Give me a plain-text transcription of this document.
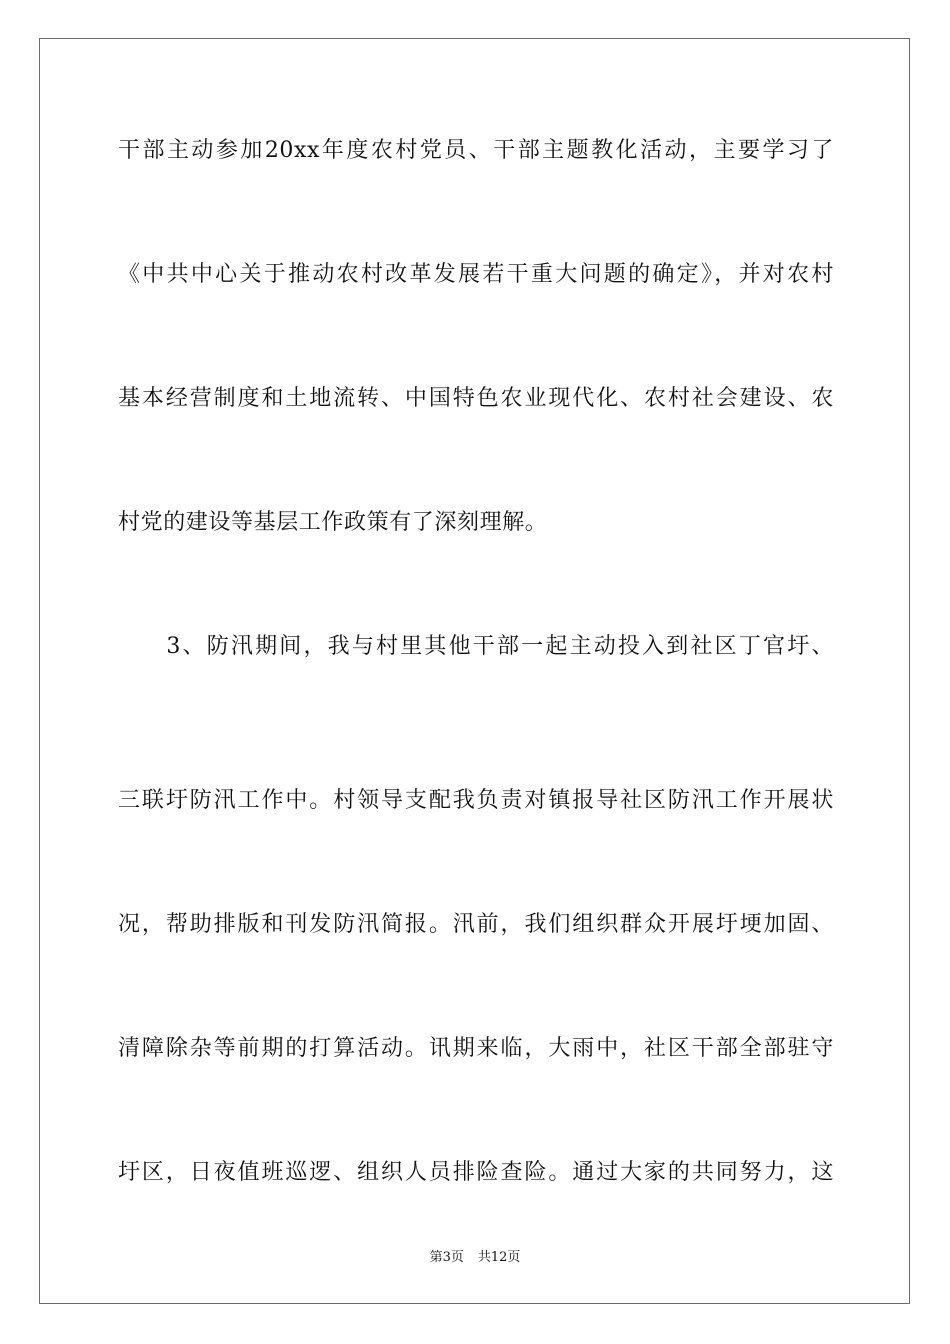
干部主动参加20xx年度农村党员、干部主题教化活动，主要学习了
《中共中心关于推动农村改革发展若干重大问题的确定》，并对农村
基本经营制度和土地流转、中国特色农业现代化、农村社会建设、农
村党的建设等基层工作政策有了深刻理解。
　　3、防汛期间，我与村里其他干部一起主动投入到社区丁官圩、
三联圩防汛工作中。村领导支配我负责对镇报导社区防汛工作开展状
况，帮助排版和刊发防汛简报。汛前，我们组织群众开展圩埂加固、
清障除杂等前期的打算活动。讯期来临，大雨中，社区干部全部驻守
圩区，日夜值班巡逻、组织人员排险查险。通过大家的共同努力，这
第3页 共12页
